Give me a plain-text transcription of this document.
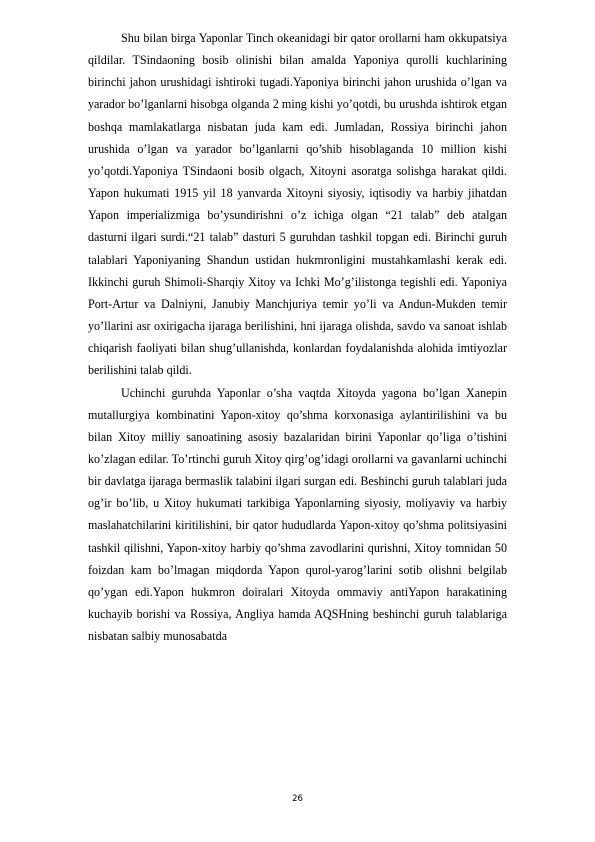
Shu bilan birga Yaponlar Tinch okeanidagi bir qator orollarni ham okkupatsiya qildilar. TSindaoning bosib olinishi bilan amalda Yaponiya qurolli kuchlarining birinchi jahon urushidagi ishtiroki tugadi.Yaponiya birinchi jahon urushida o’lgan va yarador bo’lganlarni hisobga olganda 2 ming kishi yo’qotdi, bu urushda ishtirok etgan boshqa mamlakatlarga nisbatan juda kam edi. Jumladan, Rossiya birinchi jahon urushida o’lgan va yarador bo’lganlarni qo’shib hisoblaganda 10 million kishi yo’qotdi.Yaponiya TSindaoni bosib olgach, Xitoyni asoratga solishga harakat qildi. Yapon hukumati 1915 yil 18 yanvarda Xitoyni siyosiy, iqtisodiy va harbiy jihatdan Yapon imperializmiga bo’ysundirishni o’z ichiga olgan “21 talab” deb atalgan dasturni ilgari surdi.“21 talab” dasturi 5 guruhdan tashkil topgan edi. Birinchi guruh talablari Yaponiyaning Shandun ustidan hukmronligini mustahkamlashi kerak edi. Ikkinchi guruh Shimoli-Sharqiy Xitoy va Ichki Mo’g’ilistonga tegishli edi. Yaponiya Port-Artur va Dalniyni, Janubiy Manchjuriya temir yo’li va Andun-Mukden temir yo’llarini asr oxirigacha ijaraga berilishini, hni ijaraga olishda, savdo va sanoat ishlab chiqarish faoliyati bilan shug’ullanishda, konlardan foydalanishda alohida imtiyozlar berilishini talab qildi.

Uchinchi guruhda Yaponlar o’sha vaqtda Xitoyda yagona bo’lgan Xanepin mutallurgiya kombinatini Yapon-xitoy qo’shma korxonasiga aylantirilishini va bu bilan Xitoy milliy sanoatining asosiy bazalaridan birini Yaponlar qo’liga o’tishini ko’zlagan edilar. To’rtinchi guruh Xitoy qirg’og’idagi orollarni va gavanlarni uchinchi bir davlatga ijaraga bermaslik talabini ilgari surgan edi. Beshinchi guruh talablari juda og’ir bo’lib, u Xitoy hukumati tarkibiga Yaponlarning siyosiy, moliyaviy va harbiy maslahatchilarini kiritilishini, bir qator hududlarda Yapon-xitoy qo’shma politsiyasini tashkil qilishni, Yapon-xitoy harbiy qo’shma zavodlarini qurishni, Xitoy tomnidan 50 foizdan kam bo’lmagan miqdorda Yapon qurol-yarog’larini sotib olishni belgilab qo’ygan edi.Yapon hukmron doiralari Xitoyda ommaviy antiYapon harakatining kuchayib borishi va Rossiya, Angliya hamda AQSHning beshinchi guruh talablariga nisbatan salbiy munosabatda

26
